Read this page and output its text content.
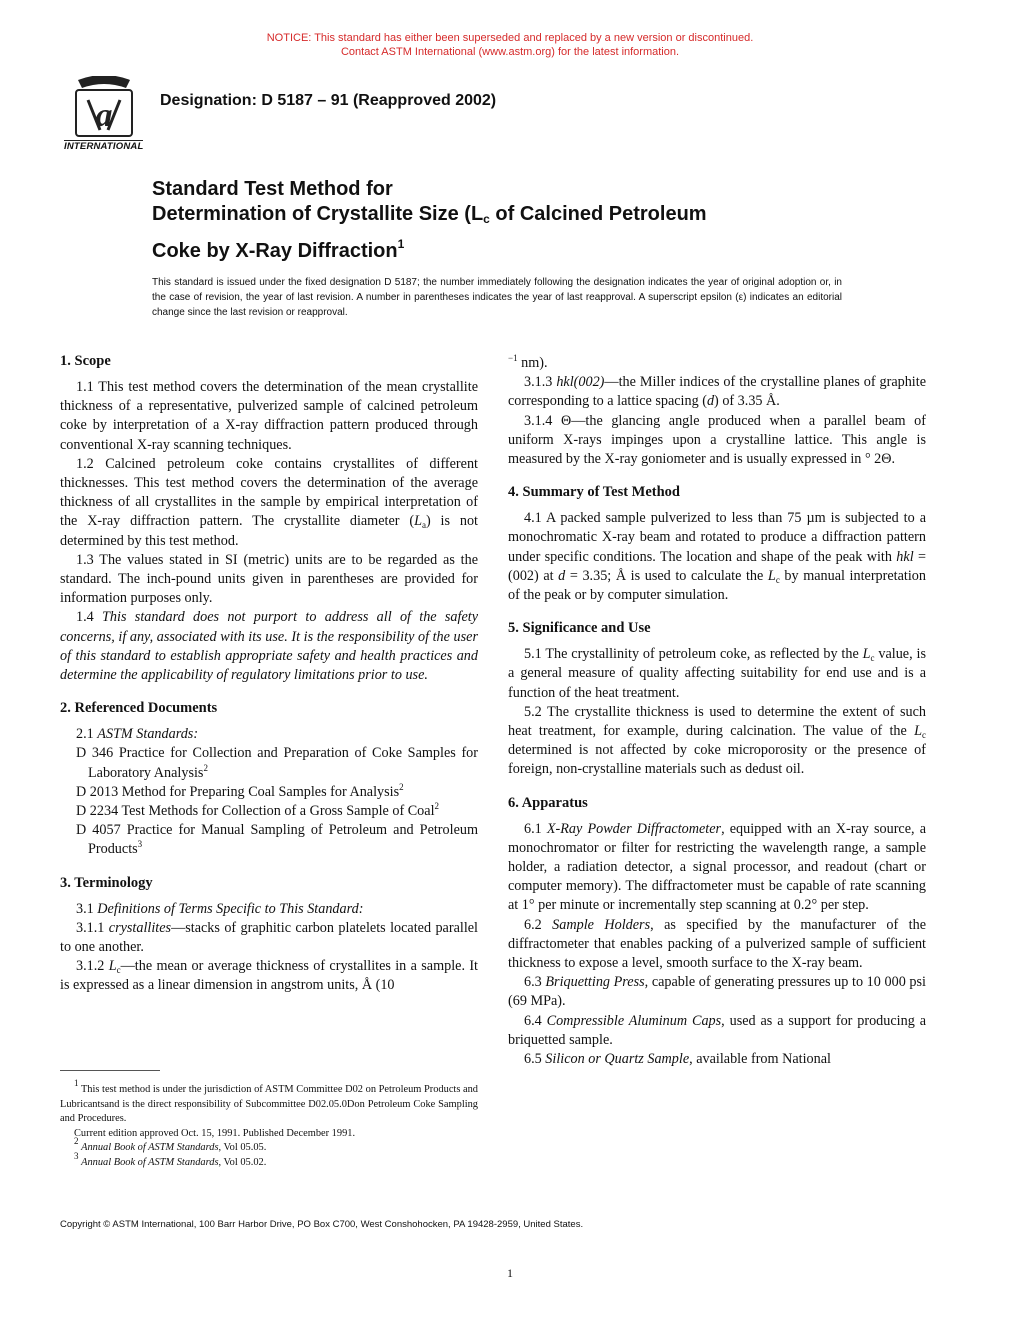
NOTICE: This standard has either been superseded and replaced by a new version or discontinued.
Contact ASTM International (www.astm.org) for the latest information.
a
INTERNATIONAL
Designation: D 5187 – 91 (Reapproved 2002)
Standard Test Method for
Determination of Crystallite Size ($L_c$ of Calcined Petroleum
Coke by X-Ray Diffraction$^1$
This standard is issued under the fixed designation D 5187; the number immediately following the designation indicates the year of original adoption or, in the case of revision, the year of last revision. A number in parentheses indicates the year of last reapproval. A superscript epsilon (ε) indicates an editorial change since the last revision or reapproval.
1. Scope

1.1 This test method covers the determination of the mean crystallite thickness of a representative, pulverized sample of calcined petroleum coke by interpretation of a X-ray diffraction pattern produced through conventional X-ray scanning techniques.

1.2 Calcined petroleum coke contains crystallites of different thicknesses. This test method covers the determination of the average thickness of all crystallites in the sample by empirical interpretation of the X-ray diffraction pattern. The crystallite diameter $(L_a)$ is not determined by this test method.

1.3 The values stated in SI (metric) units are to be regarded as the standard. The inch-pound units given in parentheses are provided for information purposes only.

1.4 This standard does not purport to address all of the safety concerns, if any, associated with its use. It is the responsibility of the user of this standard to establish appropriate safety and health practices and determine the applicability of regulatory limitations prior to use.

2. Referenced Documents

2.1 ASTM Standards:

D 346 Practice for Collection and Preparation of Coke Samples for Laboratory Analysis$^2$

D 2013 Method for Preparing Coal Samples for Analysis$^2$

D 2234 Test Methods for Collection of a Gross Sample of Coal$^2$

D 4057 Practice for Manual Sampling of Petroleum and Petroleum Products$^3$

3. Terminology

3.1 Definitions of Terms Specific to This Standard:

3.1.1 crystallites—stacks of graphitic carbon platelets located parallel to one another.

3.1.2 $L_c—the$ mean or average thickness of crystallites in a sample. It is expressed as a linear dimension in angstrom units, Å (10

$^1$ This test method is under the jurisdiction of ASTM Committee D02 on Petroleum Products and Lubricantsand is the direct responsibility of Subcommittee D02.05.0Don Petroleum Coke Sampling and Procedures.

Current edition approved Oct. 15, 1991. Published December 1991.

$^2$ Annual Book of ASTM Standards, Vol 05.05.

$^3$ Annual Book of ASTM Standards, Vol 05.02.

$^{-1}$ nm).

3.1.3 hkl(002)—the Miller indices of the crystalline planes of graphite corresponding to a lattice spacing (d) of 3.35 Å.

3.1.4 Θ—the glancing angle produced when a parallel beam of uniform X-rays impinges upon a crystalline lattice. This angle is measured by the X-ray goniometer and is usually expressed in ° 2Θ.

4. Summary of Test Method

4.1 A packed sample pulverized to less than 75 µm is subjected to a monochromatic X-ray beam and rotated to produce a diffraction pattern under specific conditions. The location and shape of the peak with hkl = (002) at d = 3.35; Å is used to calculate the $L_c$ by manual interpretation of the peak or by computer simulation.

5. Significance and Use

5.1 The crystallinity of petroleum coke, as reflected by the $L_c$ value, is a general measure of quality affecting suitability for end use and is a function of the heat treatment.

5.2 The crystallite thickness is used to determine the extent of such heat treatment, for example, during calcination. The value of the $L_c$ determined is not affected by coke microporosity or the presence of foreign, non-crystalline materials such as dedust oil.

6. Apparatus

6.1 X-Ray Powder Diffractometer, equipped with an X-ray source, a monochromator or filter for restricting the wavelength range, a sample holder, a radiation detector, a signal processor, and readout (chart or computer memory). The diffractometer must be capable of rate scanning at 1° per minute or incrementally step scanning at 0.2° per step.

6.2 Sample Holders, as specified by the manufacturer of the diffractometer that enables packing of a pulverized sample of sufficient thickness to expose a level, smooth surface to the X-ray beam.

6.3 Briquetting Press, capable of generating pressures up to 10 000 psi (69 MPa).

6.4 Compressible Aluminum Caps, used as a support for producing a briquetted sample.

6.5 Silicon or Quartz Sample, available from National

Copyright © ASTM International, 100 Barr Harbor Drive, PO Box C700, West Conshohocken, PA 19428-2959, United States.
1
